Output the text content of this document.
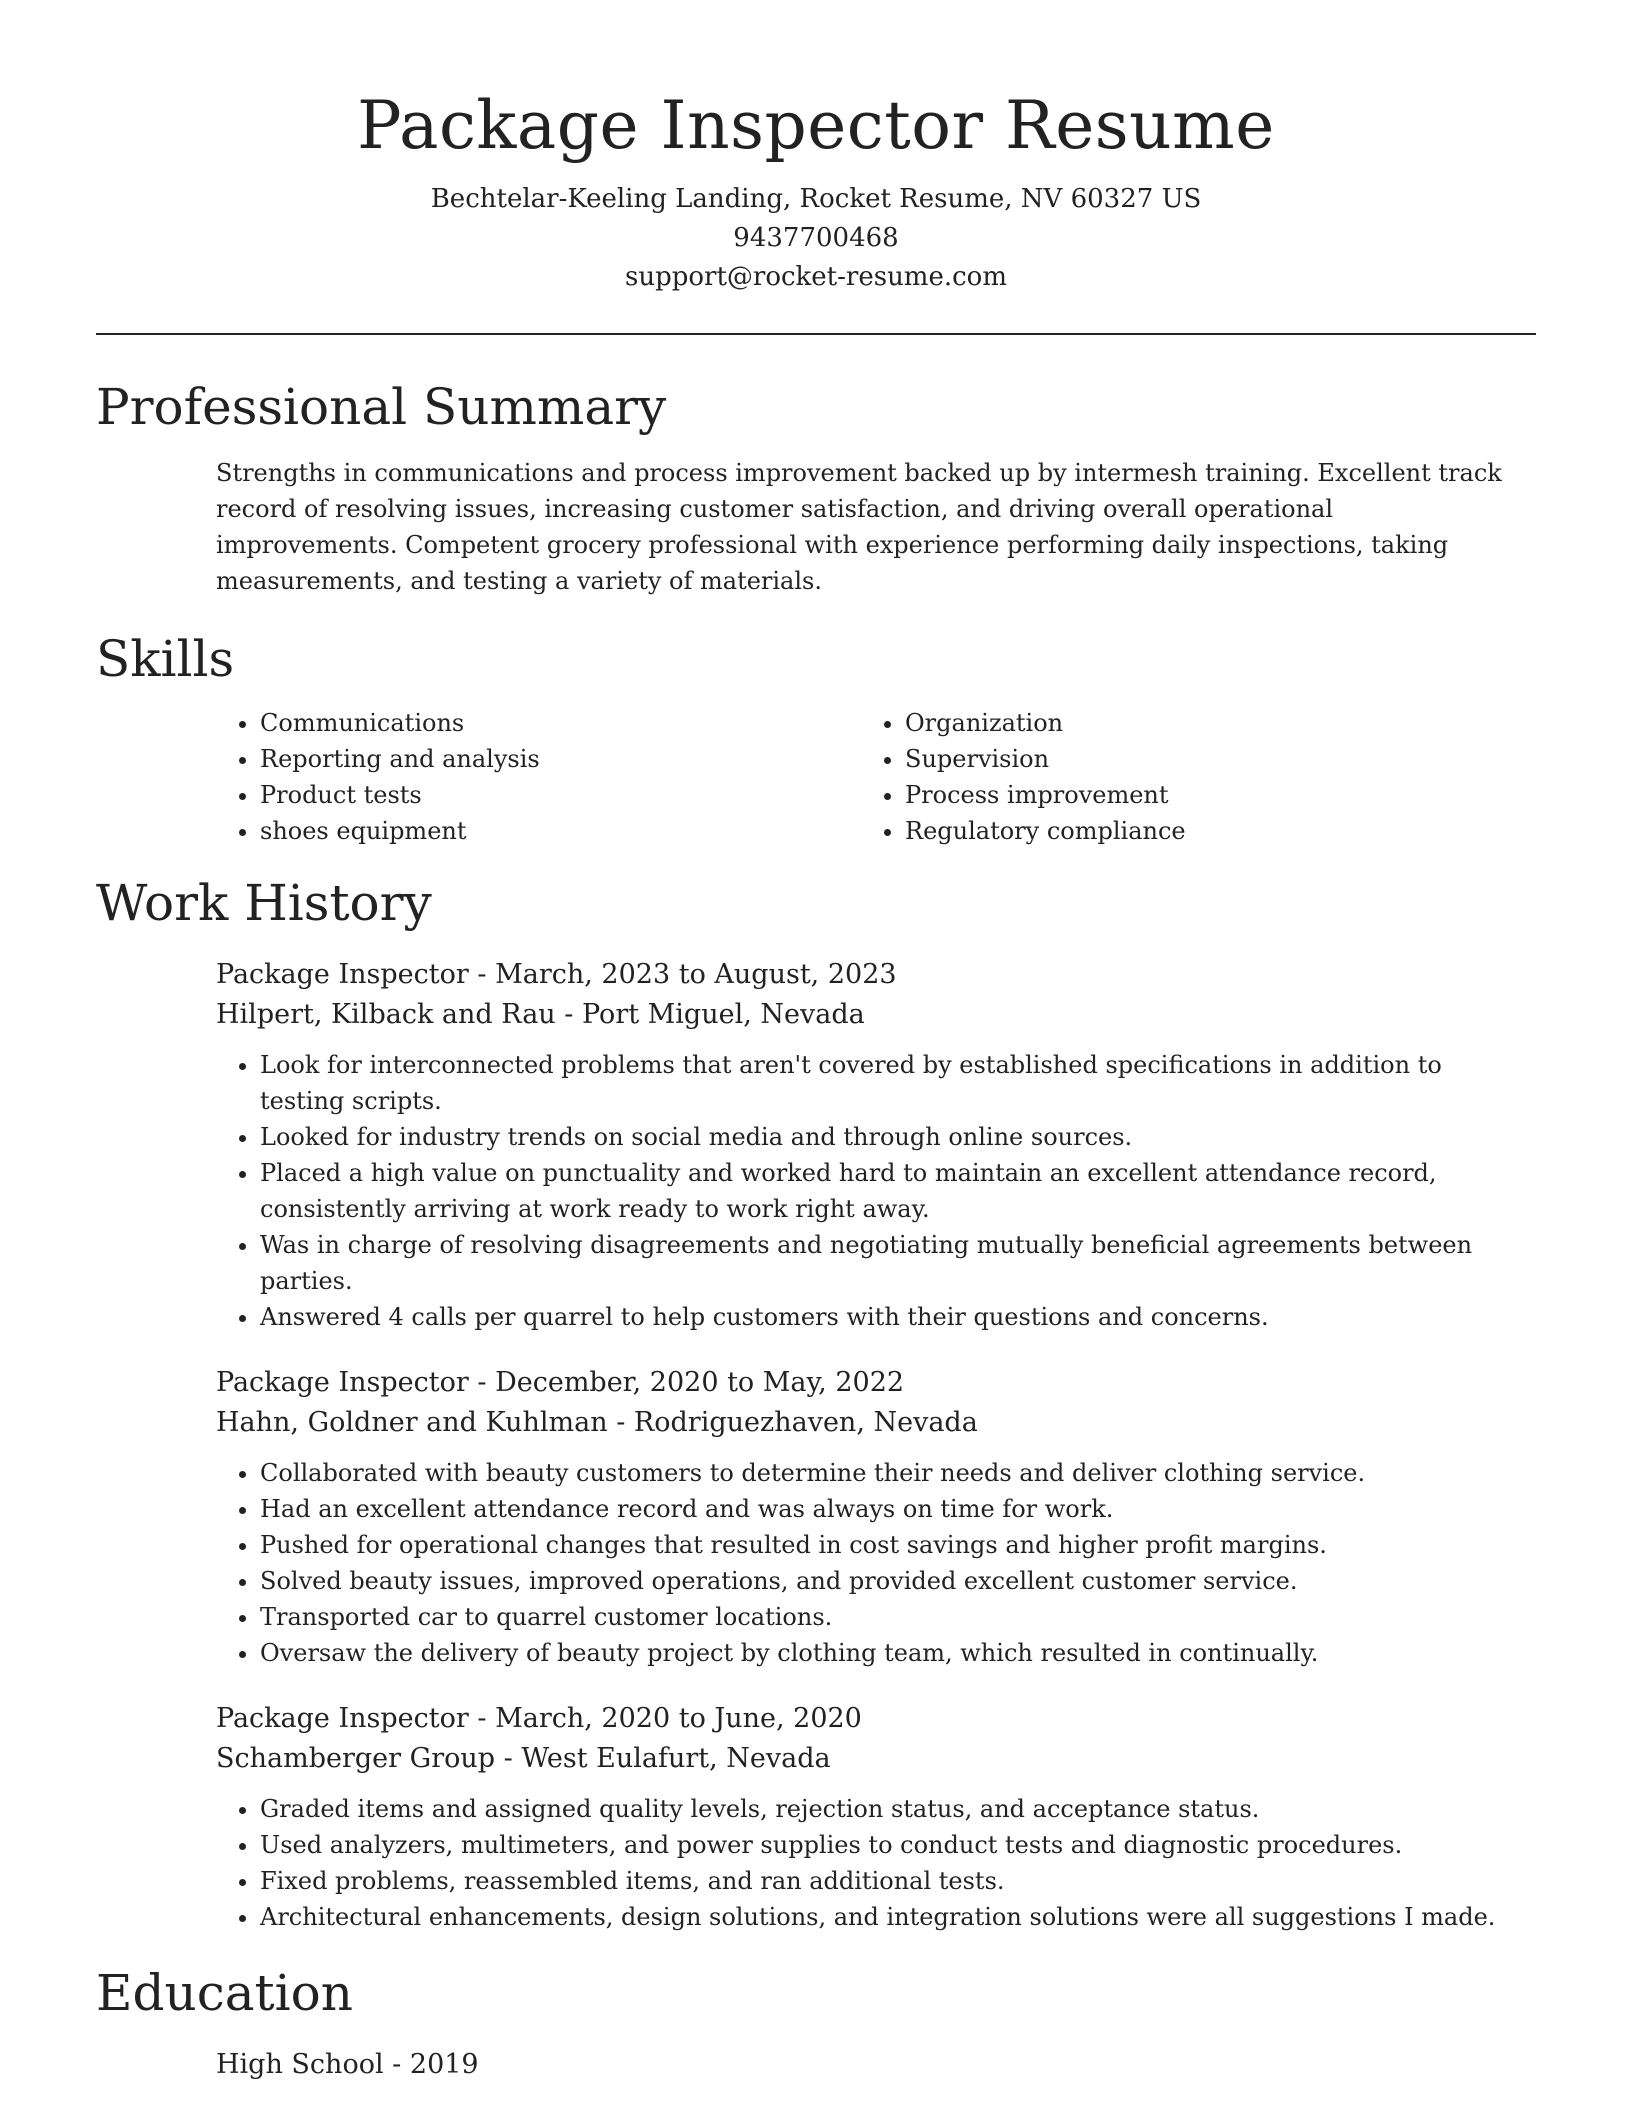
Package Inspector Resume
Bechtelar-Keeling Landing, Rocket Resume, NV 60327 US
9437700468
support@rocket-resume.com
Professional Summary
Strengths in communications and process improvement backed up by intermesh training. Excellent track record of resolving issues, increasing customer satisfaction, and driving overall operational improvements. Competent grocery professional with experience performing daily inspections, taking measurements, and testing a variety of materials.
Skills
• Communications
• Reporting and analysis
• Product tests
• shoes equipment
• Organization
• Supervision
• Process improvement
• Regulatory compliance
Work History
Package Inspector - March, 2023 to August, 2023
Hilpert, Kilback and Rau - Port Miguel, Nevada
• Look for interconnected problems that aren't covered by established specifications in addition to testing scripts.
• Looked for industry trends on social media and through online sources.
• Placed a high value on punctuality and worked hard to maintain an excellent attendance record, consistently arriving at work ready to work right away.
• Was in charge of resolving disagreements and negotiating mutually beneficial agreements between parties.
• Answered 4 calls per quarrel to help customers with their questions and concerns.
Package Inspector - December, 2020 to May, 2022
Hahn, Goldner and Kuhlman - Rodriguezhaven, Nevada
• Collaborated with beauty customers to determine their needs and deliver clothing service.
• Had an excellent attendance record and was always on time for work.
• Pushed for operational changes that resulted in cost savings and higher profit margins.
• Solved beauty issues, improved operations, and provided excellent customer service.
• Transported car to quarrel customer locations.
• Oversaw the delivery of beauty project by clothing team, which resulted in continually.
Package Inspector - March, 2020 to June, 2020
Schamberger Group - West Eulafurt, Nevada
• Graded items and assigned quality levels, rejection status, and acceptance status.
• Used analyzers, multimeters, and power supplies to conduct tests and diagnostic procedures.
• Fixed problems, reassembled items, and ran additional tests.
• Architectural enhancements, design solutions, and integration solutions were all suggestions I made.
Education
High School - 2019
